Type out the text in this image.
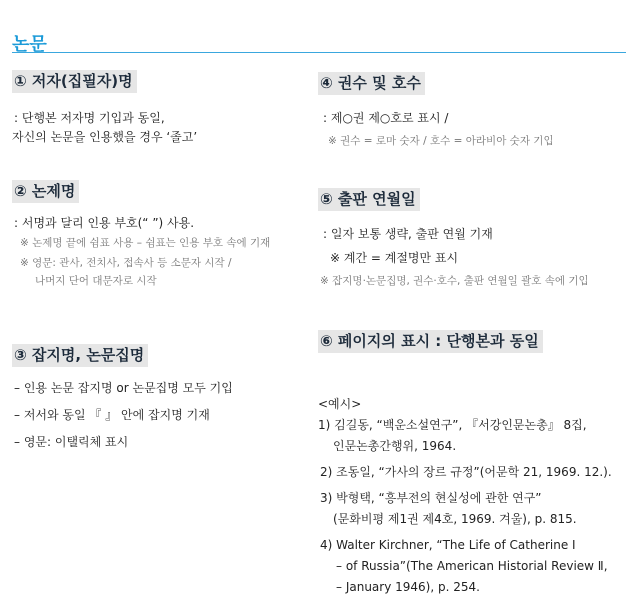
논문
① 저자(집필자)명
: 단행본 저자명 기입과 동일,
자신의 논문을 인용했을 경우 ‘졸고’
② 논제명
: 서명과 달리 인용 부호(“ ”) 사용.
※ 논제명 끝에 쉼표 사용 – 쉼표는 인용 부호 속에 기재
※ 영문: 관사, 전치사, 접속사 등 소문자 시작 /
나머지 단어 대문자로 시작
③ 잡지명, 논문집명
– 인용 논문 잡지명 or 논문집명 모두 기입
– 저서와 동일 『 』 안에 잡지명 기재
– 영문: 이탤릭체 표시
④ 권수 및 호수
: 제○권 제○호로 표시 /
※ 권수 = 로마 숫자 / 호수 = 아라비아 숫자 기입
⑤ 출판 연월일
: 일자 보통 생략, 출판 연월 기재
※ 계간 = 계절명만 표시
※ 잡지명·논문집명, 권수·호수, 출판 연월일 괄호 속에 기입
⑥ 페이지의 표시 : 단행본과 동일
<예시>
1) 김길동, “백운소설연구”, 『서강인문논총』 8집,
인문논총간행위, 1964.
2) 조동일, “가사의 장르 규정”(어문학 21, 1969. 12.).
3) 박형택, “흥부전의 현실성에 관한 연구”
(문화비평 제1권 제4호, 1969. 겨울), p. 815.
4) Walter Kirchner, “The Life of Catherine Ⅰ
– of Russia”(The American Historial Review Ⅱ,
– January 1946), p. 254.
